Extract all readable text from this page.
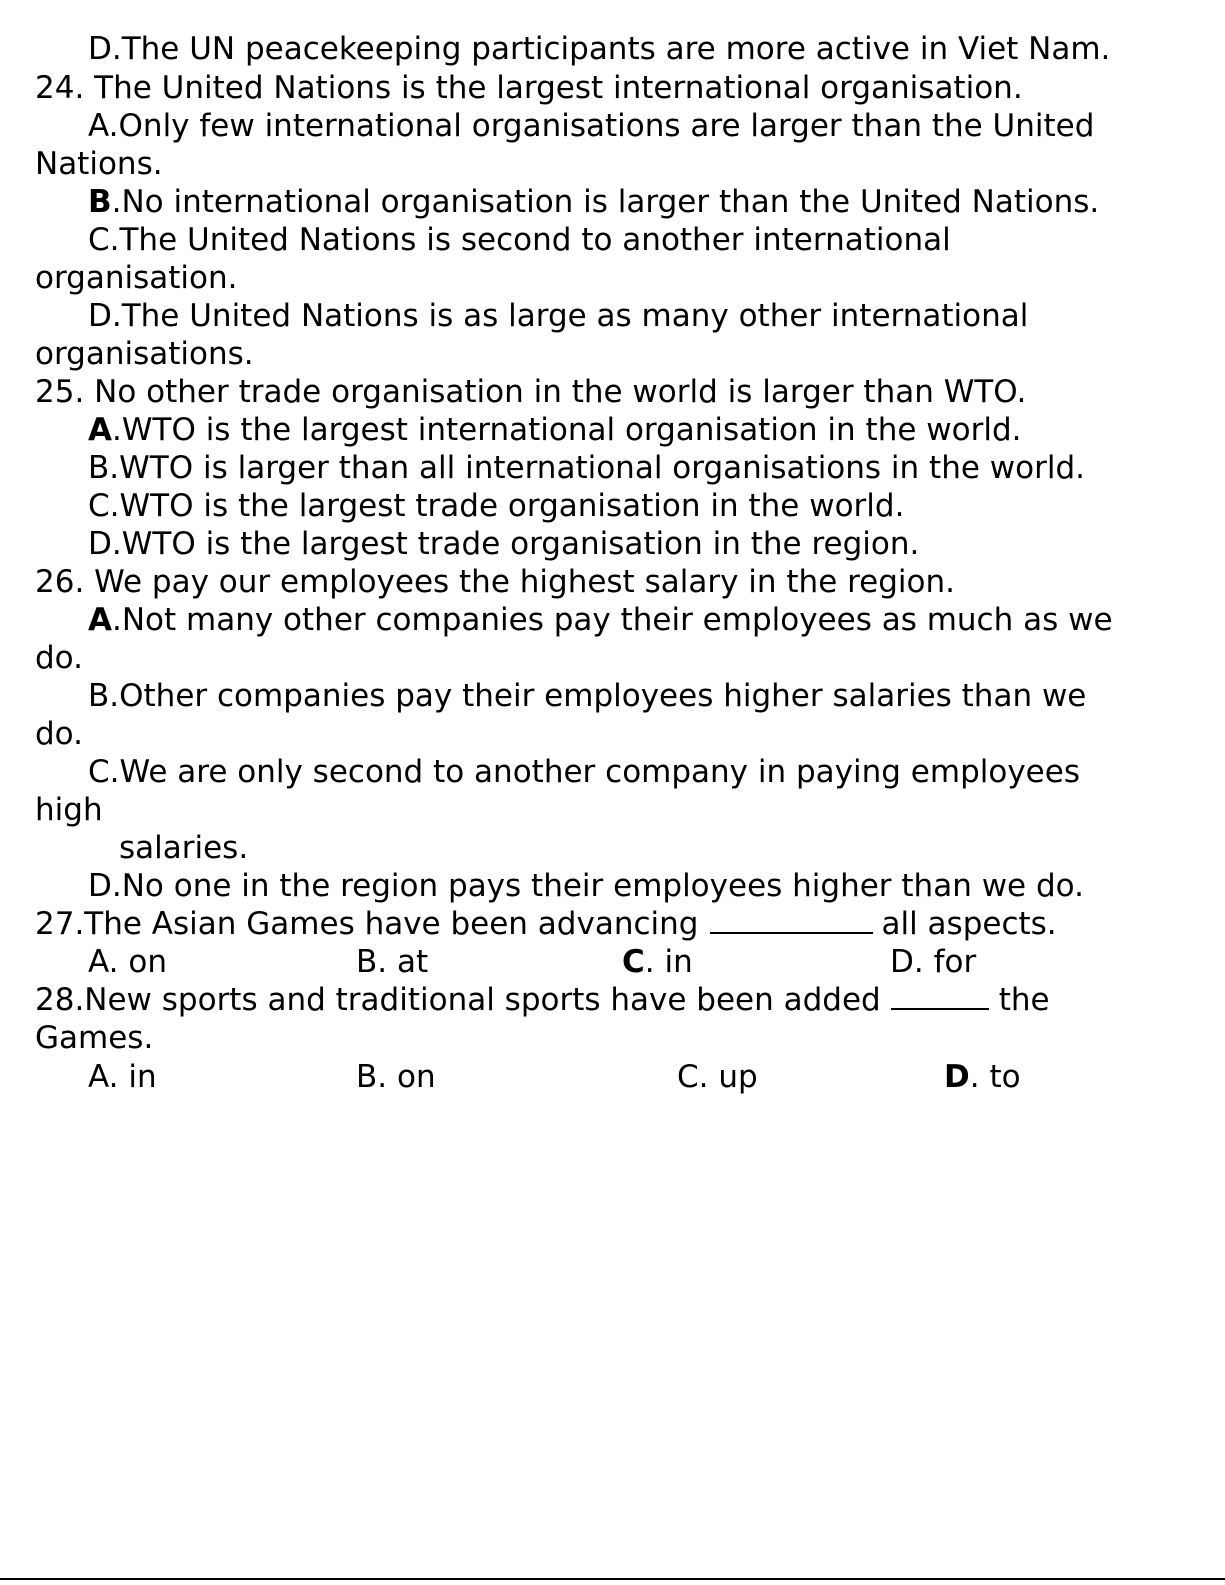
D.The UN peacekeeping participants are more active in Viet Nam.
24. The United Nations is the largest international organisation.
A.Only few international organisations are larger than the United
Nations.
B.No international organisation is larger than the United Nations.
C.The United Nations is second to another international
organisation.
D.The United Nations is as large as many other international
organisations.
25. No other trade organisation in the world is larger than WTO.
A.WTO is the largest international organisation in the world.
B.WTO is larger than all international organisations in the world.
C.WTO is the largest trade organisation in the world.
D.WTO is the largest trade organisation in the region.
26. We pay our employees the highest salary in the region.
A.Not many other companies pay their employees as much as we
do.
B.Other companies pay their employees higher salaries than we
do.
C.We are only second to another company in paying employees
high
salaries.
D.No one in the region pays their employees higher than we do.
27.The Asian Games have been advancing	all aspects.
A. on	B. at	C. in	D. for
28.New sports and traditional sports have been added	the
Games.
A. in	B. on	C. up	D. to
